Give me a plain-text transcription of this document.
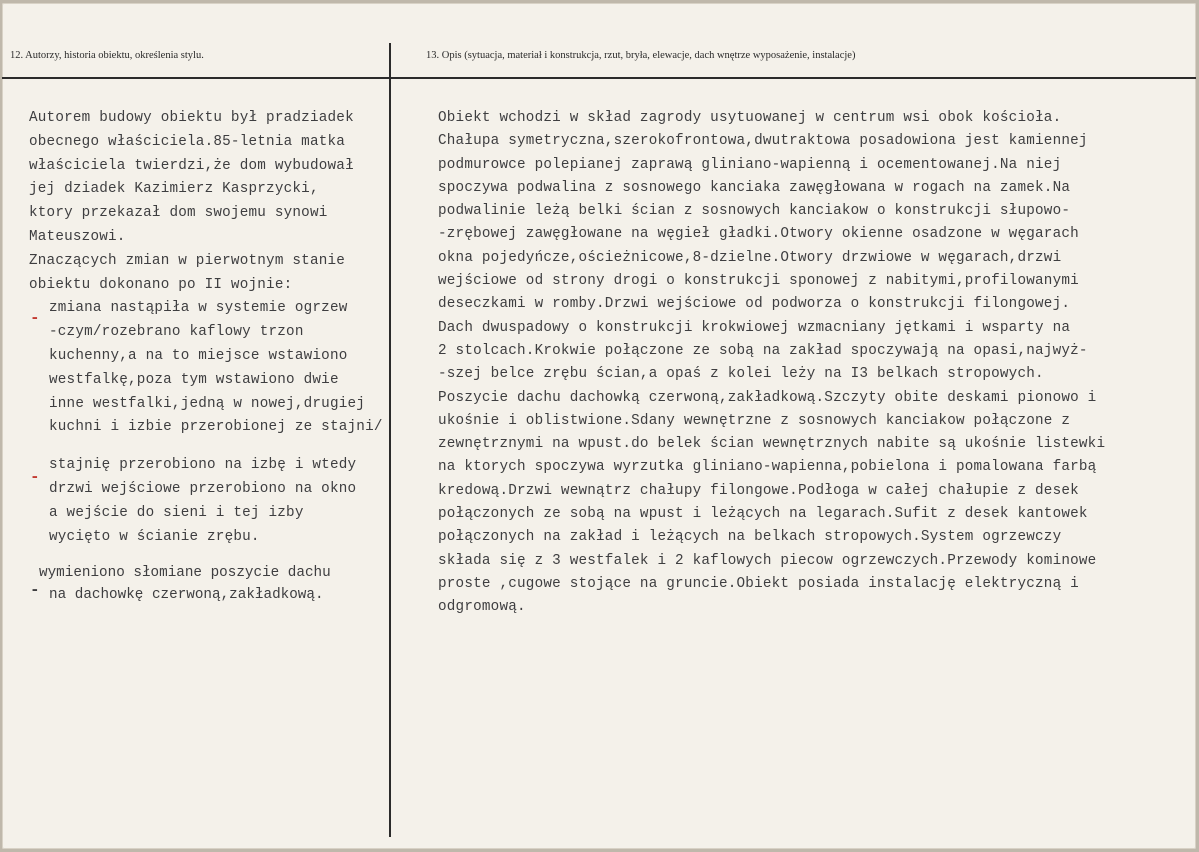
12. Autorzy, historia obiektu, określenia stylu.	13. Opis (sytuacja, materiał i konstrukcja, rzut, bryła, elewacje, dach wnętrze wyposażenie, instalacje)
Autorem budowy obiektu był pradziadek
obecnego właściciela.85-letnia matka
właściciela twierdzi,że dom wybudował
jej dziadek Kazimierz Kasprzycki,
ktory przekazał dom swojemu synowi
Mateuszowi.
Znaczących zmian w pierwotnym stanie
obiektu dokonano po II wojnie:
zmiana nastąpiła w systemie ogrzew
-czym/rozebrano kaflowy trzon
kuchenny,a na to miejsce wstawiono
westfalkę,poza tym wstawiono dwie
inne westfalki,jedną w nowej,drugiej
kuchni i izbie przerobionej ze stajni/
stajnię przerobiono na izbę i wtedy
drzwi wejściowe przerobiono na okno
a wejście do sieni i tej izby
wycięto w ścianie zrębu.
wymieniono słomiane poszycie dachu
na dachowkę czerwoną,zakładkową.
-
-
-
Obiekt wchodzi w skład zagrody usytuowanej w centrum wsi obok kościoła.
Chałupa symetryczna,szerokofrontowa,dwutraktowa posadowiona jest kamiennej
podmurowce polepianej zaprawą gliniano-wapienną i ocementowanej.Na niej
spoczywa podwalina z sosnowego kanciaka zawęgłowana w rogach na zamek.Na
podwalinie leżą belki ścian z sosnowych kanciakow o konstrukcji słupowo-
-zrębowej zawęgłowane na węgieł gładki.Otwory okienne osadzone w węgarach
okna pojedyńcze,ościeżnicowe,8-dzielne.Otwory drzwiowe w węgarach,drzwi
wejściowe od strony drogi o konstrukcji sponowej z nabitymi,profilowanymi
deseczkami w romby.Drzwi wejściowe od podworza o konstrukcji filongowej.
Dach dwuspadowy o konstrukcji krokwiowej wzmacniany jętkami i wsparty na
2 stolcach.Krokwie połączone ze sobą na zakład spoczywają na opasi,najwyż-
-szej belce zrębu ścian,a opaś z kolei leży na I3 belkach stropowych.
Poszycie dachu dachowką czerwoną,zakładkową.Szczyty obite deskami pionowo i
ukośnie i oblistwione.Sdany wewnętrzne z sosnowych kanciakow połączone z
zewnętrznymi na wpust.do belek ścian wewnętrznych nabite są ukośnie listewki
na ktorych spoczywa wyrzutka gliniano-wapienna,pobielona i pomalowana farbą
kredową.Drzwi wewnątrz chałupy filongowe.Podłoga w całej chałupie z desek
połączonych ze sobą na wpust i leżących na legarach.Sufit z desek kantowek
połączonych na zakład i leżących na belkach stropowych.System ogrzewczy
składa się z 3 westfalek i 2 kaflowych piecow ogrzewczych.Przewody kominowe
proste ,cugowe stojące na gruncie.Obiekt posiada instalację elektryczną i
odgromową.
